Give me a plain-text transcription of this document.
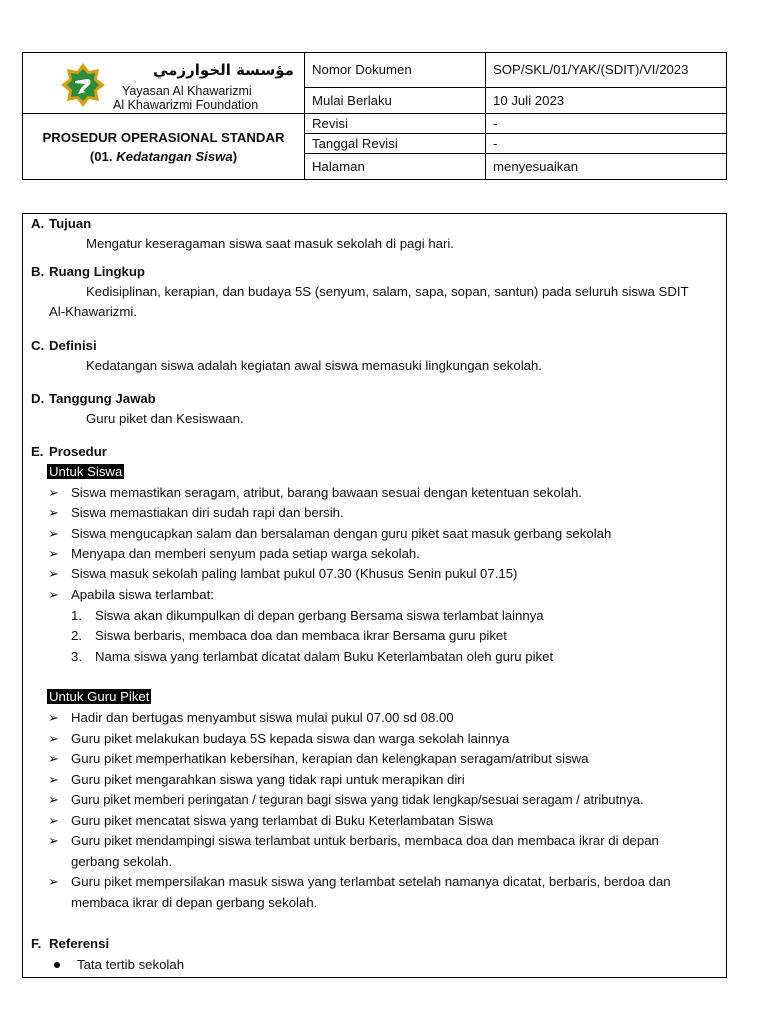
مؤسسة الخوارزمي
Yayasan Al Khawarizmi
Al Khawarizmi Foundation	Nomor Dokumen	SOP/SKL/01/YAK/(SDIT)/VI/2023
	Mulai Berlaku	10 Juli 2023

PROSEDUR OPERASIONAL STANDAR
(01. Kedatangan Siswa)	Revisi	-
	Tanggal Revisi	-
	Halaman	menyesuaikan
A. Tujuan
Mengatur keseragaman siswa saat masuk sekolah di pagi hari.
B. Ruang Lingkup
Kedisiplinan, kerapian, dan budaya 5S (senyum, salam, sapa, sopan, santun) pada seluruh siswa SDIT
Al-Khawarizmi.
C. Definisi
Kedatangan siswa adalah kegiatan awal siswa memasuki lingkungan sekolah.
D. Tanggung Jawab
Guru piket dan Kesiswaan.
E. Prosedur
Untuk Siswa
➢ Siswa memastikan seragam, atribut, barang bawaan sesuai dengan ketentuan sekolah.
➢ Siswa memastiakan diri sudah rapi dan bersih.
➢ Siswa mengucapkan salam dan bersalaman dengan guru piket saat masuk gerbang sekolah
➢ Menyapa dan memberi senyum pada setiap warga sekolah.
➢ Siswa masuk sekolah paling lambat pukul 07.30 (Khusus Senin pukul 07.15)
➢ Apabila siswa terlambat:
1. Siswa akan dikumpulkan di depan gerbang Bersama siswa terlambat lainnya
2. Siswa berbaris, membaca doa dan membaca ikrar Bersama guru piket
3. Nama siswa yang terlambat dicatat dalam Buku Keterlambatan oleh guru piket
Untuk Guru Piket
➢ Hadir dan bertugas menyambut siswa mulai pukul 07.00 sd 08.00
➢ Guru piket melakukan budaya 5S kepada siswa dan warga sekolah lainnya
➢ Guru piket memperhatikan kebersihan, kerapian dan kelengkapan seragam/atribut siswa
➢ Guru piket mengarahkan siswa yang tidak rapi untuk merapikan diri
➢ Guru piket memberi peringatan / teguran bagi siswa yang tidak lengkap/sesuai seragam / atributnya.
➢ Guru piket mencatat siswa yang terlambat di Buku Keterlambatan Siswa
➢ Guru piket mendampingi siswa terlambat untuk berbaris, membaca doa dan membaca ikrar di depan
gerbang sekolah.
➢ Guru piket mempersilakan masuk siswa yang terlambat setelah namanya dicatat, berbaris, berdoa dan
membaca ikrar di depan gerbang sekolah.
F. Referensi
Tata tertib sekolah
